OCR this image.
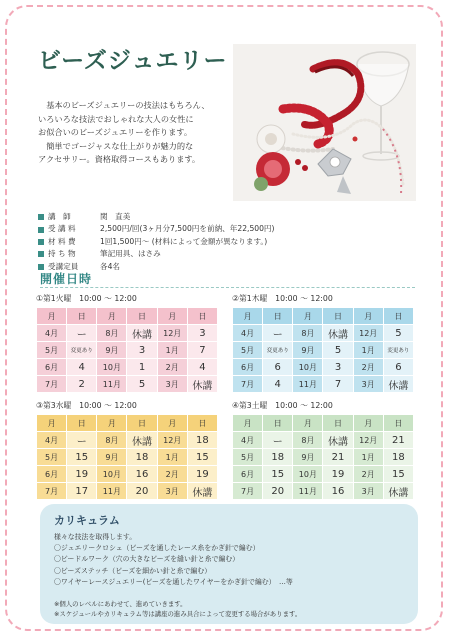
ビーズジュエリー

　基本のビーズジュエリーの技法はもちろん、

いろいろな技法でおしゃれな大人の女性に

お似合いのビーズジュエリーを作ります。

　簡単でゴージャスな仕上がりが魅力的な

アクセサリー。資格取得コースもあります。

講　師	関　直美
受 講 料	2,500円/回(3ヶ月分7,500円を前納、年22,500円)
材 料 費	1回1,500円〜 (材料によって金額が異なります。)
持 ち 物	筆記用具、はさみ
受講定員	各4名
開催日時
①第1火曜　10:00 ～ 12:00
月	日	月	日	月	日
4月	ー	8月	休講	12月	3
5月	変更あり	9月	3	1月	7
6月	4	10月	1	2月	4
7月	2	11月	5	3月	休講
②第1木曜　10:00 ～ 12:00
月	日	月	日	月	日
4月	ー	8月	休講	12月	5
5月	変更あり	9月	5	1月	変更あり
6月	6	10月	3	2月	6
7月	4	11月	7	3月	休講
③第3水曜　10:00 ～ 12:00
月	日	月	日	月	日
4月	ー	8月	休講	12月	18
5月	15	9月	18	1月	15
6月	19	10月	16	2月	19
7月	17	11月	20	3月	休講
④第3土曜　10:00 ～ 12:00
月	日	月	日	月	日
4月	ー	8月	休講	12月	21
5月	18	9月	21	1月	18
6月	15	10月	19	2月	15
7月	20	11月	16	3月	休講
カリキュラム
様々な技法を取得します。
〇ジュエリークロシェ（ビーズを通したレース糸をかぎ針で編む）
〇ビードルワーク（穴の大きなビーズを縫い針と糸で編む）
〇ビーズステッチ（ビーズを細かい針と糸で編む）
〇ワイヤーレースジュエリー(ビーズを通したワイヤーをかぎ針で編む）　…等
※個人のレベルにあわせて、進めていきます。
※スケジュールやカリキュラム等は講座の進み具合によって変更する場合があります。
